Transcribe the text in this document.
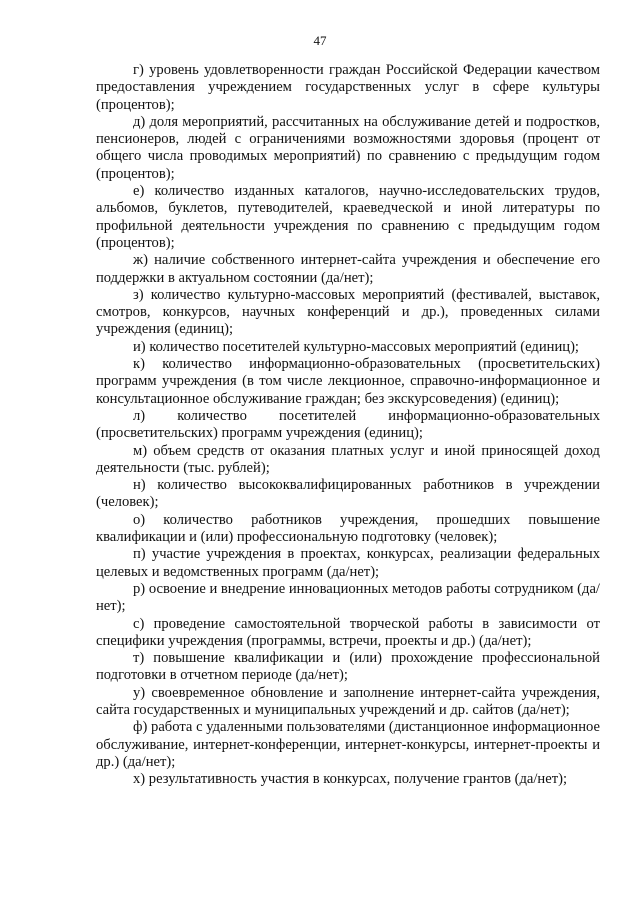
47

г) уровень удовлетворенности граждан Российской Федерации качеством предоставления учреждением государственных услуг в сфере культуры (процентов);

д) доля мероприятий, рассчитанных на обслуживание детей и подростков, пенсионеров, людей с ограничениями возможностями здоровья (процент от общего числа проводимых мероприятий) по сравнению с предыдущим годом (процентов);

е) количество изданных каталогов, научно-исследовательских трудов, альбомов, буклетов, путеводителей, краеведческой и иной литературы по профильной деятельности учреждения по сравнению с предыдущим годом (процентов);

ж) наличие собственного интернет-сайта учреждения и обеспечение его поддержки в актуальном состоянии (да/нет);

з) количество культурно-массовых мероприятий (фестивалей, выставок, смотров, конкурсов, научных конференций и др.), проведенных силами учреждения (единиц);

и) количество посетителей культурно-массовых мероприятий (единиц);

к) количество информационно-образовательных (просветительских) программ учреждения (в том числе лекционное, справочно-информационное и консультационное обслуживание граждан; без экскурсоведения) (единиц);

л) количество посетителей информационно-образовательных (просветительских) программ учреждения (единиц);

м) объем средств от оказания платных услуг и иной приносящей доход деятельности (тыс. рублей);

н) количество высококвалифицированных работников в учреждении (человек);

о) количество работников учреждения, прошедших повышение квалификации и (или) профессиональную подготовку (человек);

п) участие учреждения в проектах, конкурсах, реализации федеральных целевых и ведомственных программ (да/нет);

р) освоение и внедрение инновационных методов работы сотрудником (да/нет);

с) проведение самостоятельной творческой работы в зависимости от специфики учреждения (программы, встречи, проекты и др.) (да/нет);

т) повышение квалификации и (или) прохождение профессиональной подготовки в отчетном периоде (да/нет);

у) своевременное обновление и заполнение интернет-сайта учреждения, сайта государственных и муниципальных учреждений и др. сайтов (да/нет);

ф) работа с удаленными пользователями (дистанционное информационное обслуживание, интернет-конференции, интернет-конкурсы, интернет-проекты и др.) (да/нет);

х) результативность участия в конкурсах, получение грантов (да/нет);
